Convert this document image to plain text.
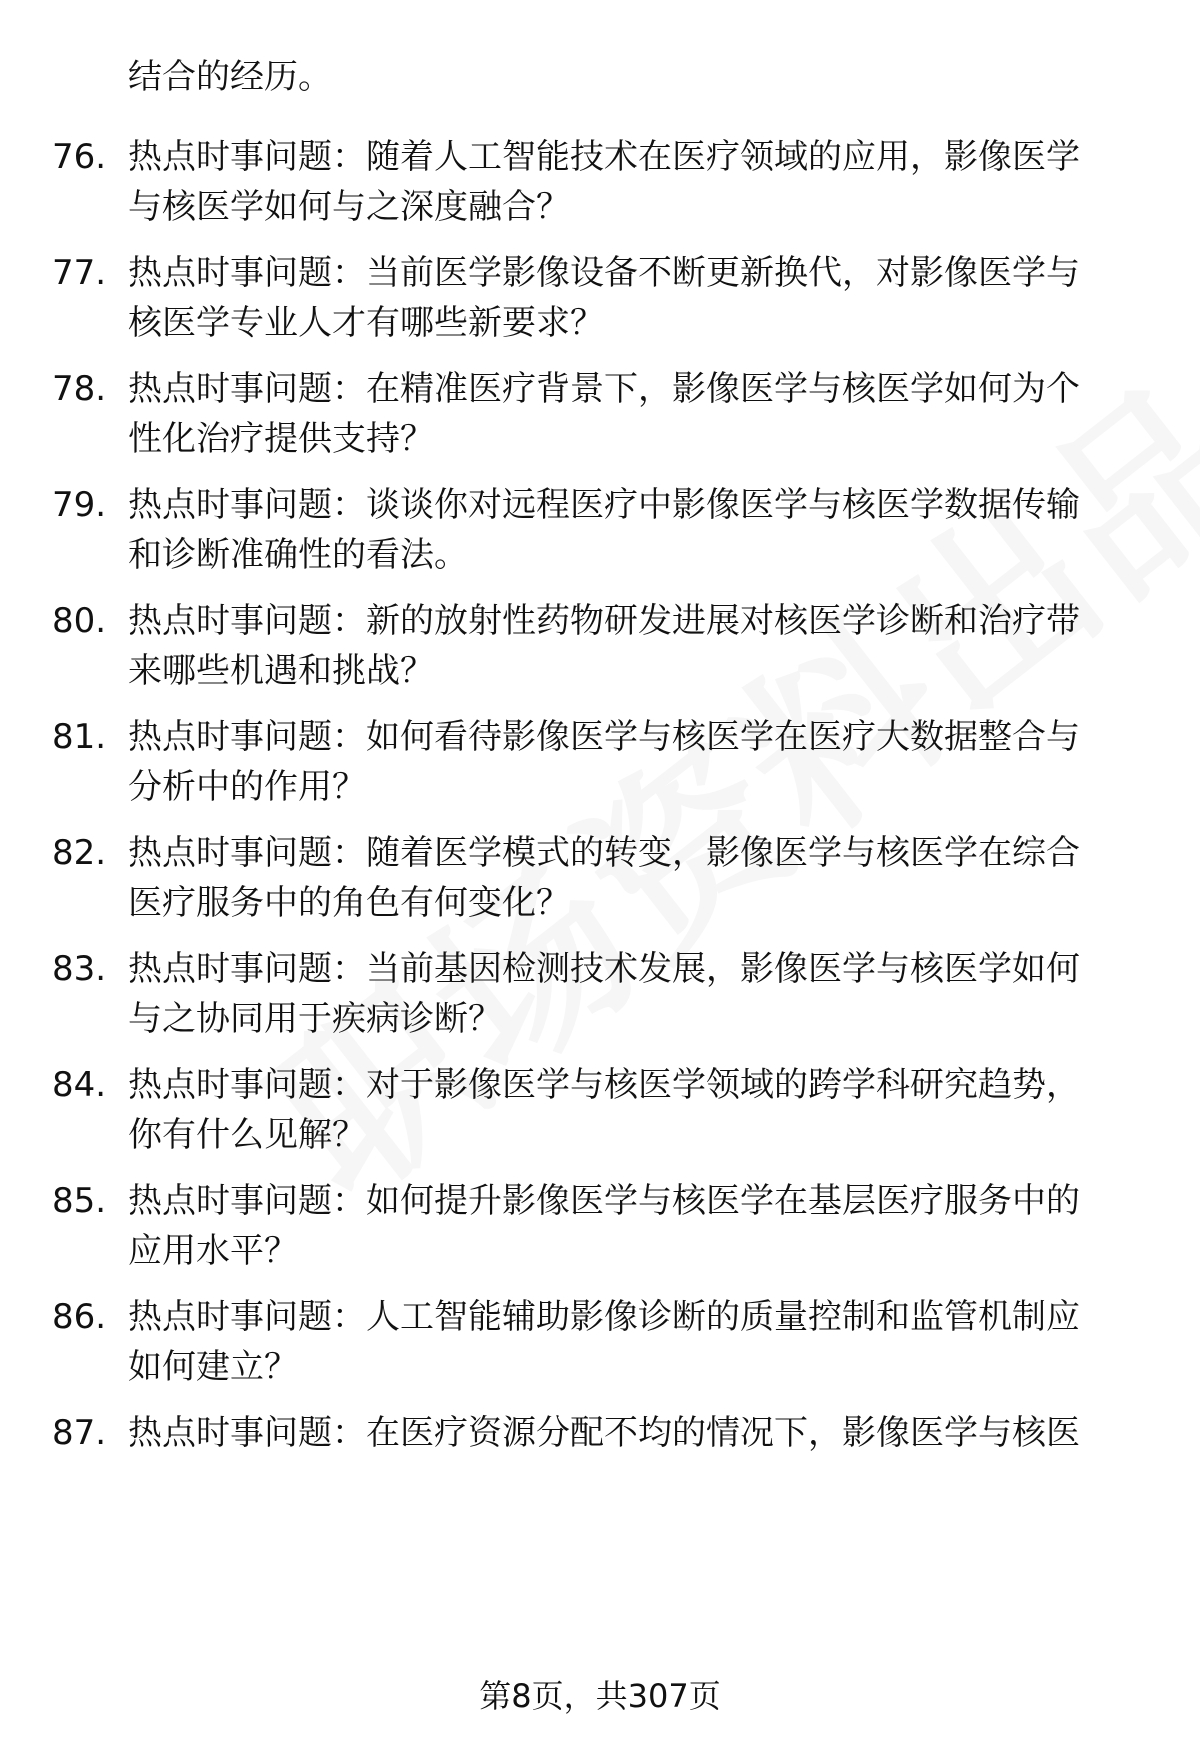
结合的经历。
76. 热点时事问题：随着人工智能技术在医疗领域的应用，影像医学
与核医学如何与之深度融合？
77. 热点时事问题：当前医学影像设备不断更新换代，对影像医学与
核医学专业人才有哪些新要求？
78. 热点时事问题：在精准医疗背景下，影像医学与核医学如何为个
性化治疗提供支持？
79. 热点时事问题：谈谈你对远程医疗中影像医学与核医学数据传输
和诊断准确性的看法。
80. 热点时事问题：新的放射性药物研发进展对核医学诊断和治疗带
来哪些机遇和挑战？
81. 热点时事问题：如何看待影像医学与核医学在医疗大数据整合与
分析中的作用？
82. 热点时事问题：随着医学模式的转变，影像医学与核医学在综合
医疗服务中的角色有何变化？
83. 热点时事问题：当前基因检测技术发展，影像医学与核医学如何
与之协同用于疾病诊断？
84. 热点时事问题：对于影像医学与核医学领域的跨学科研究趋势，
你有什么见解？
85. 热点时事问题：如何提升影像医学与核医学在基层医疗服务中的
应用水平？
86. 热点时事问题：人工智能辅助影像诊断的质量控制和监管机制应
如何建立？
87. 热点时事问题：在医疗资源分配不均的情况下，影像医学与核医
第8页，共307页
